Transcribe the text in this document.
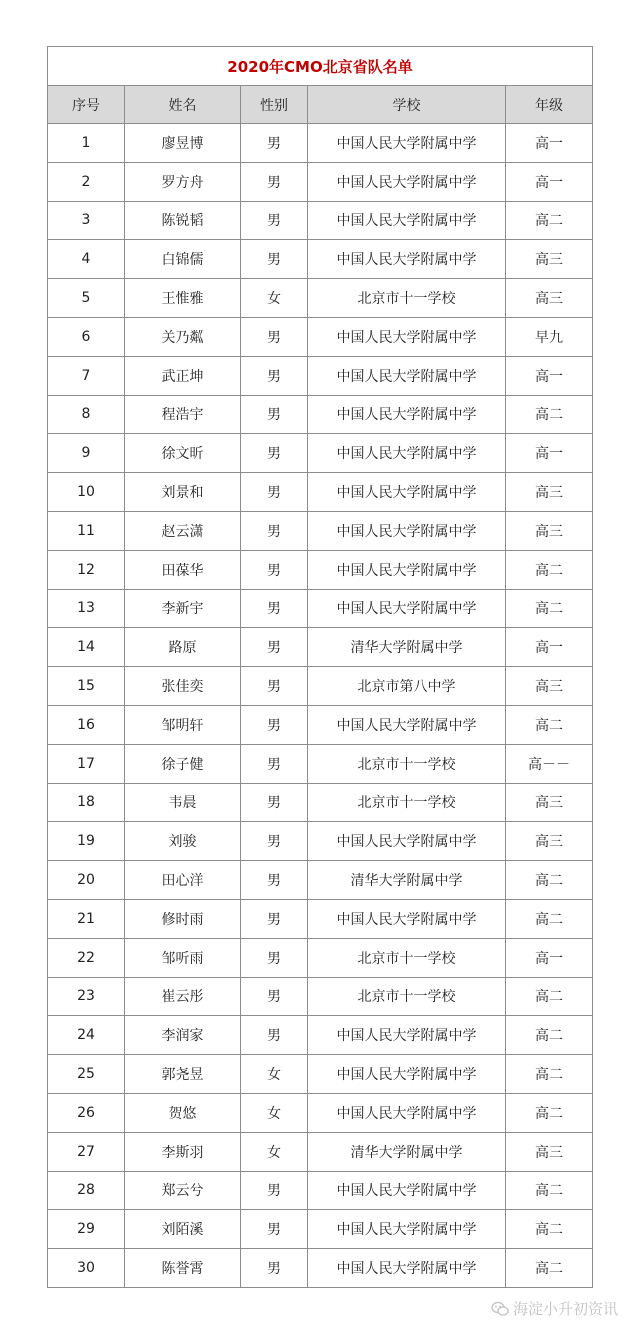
2020年CMO北京省队名单				
序号	姓名	性别	学校	年级
1	廖昱博	男	中国人民大学附属中学	高一
2	罗方舟	男	中国人民大学附属中学	高一
3	陈锐韬	男	中国人民大学附属中学	高二
4	白锦儒	男	中国人民大学附属中学	高三
5	王惟雅	女	北京市十一学校	高三
6	关乃粼	男	中国人民大学附属中学	早九
7	武正坤	男	中国人民大学附属中学	高一
8	程浩宇	男	中国人民大学附属中学	高二
9	徐文昕	男	中国人民大学附属中学	高一
10	刘景和	男	中国人民大学附属中学	高三
11	赵云潇	男	中国人民大学附属中学	高三
12	田葆华	男	中国人民大学附属中学	高二
13	李新宇	男	中国人民大学附属中学	高二
14	路原	男	清华大学附属中学	高一
15	张佳奕	男	北京市第八中学	高三
16	邹明轩	男	中国人民大学附属中学	高二
17	徐子健	男	北京市十一学校	高－－
18	韦晨	男	北京市十一学校	高三
19	刘骏	男	中国人民大学附属中学	高三
20	田心洋	男	清华大学附属中学	高二
21	修时雨	男	中国人民大学附属中学	高二
22	邹听雨	男	北京市十一学校	高一
23	崔云彤	男	北京市十一学校	高二
24	李润家	男	中国人民大学附属中学	高二
25	郭尧昱	女	中国人民大学附属中学	高二
26	贺悠	女	中国人民大学附属中学	高二
27	李斯羽	女	清华大学附属中学	高三
28	郑云兮	男	中国人民大学附属中学	高二
29	刘陌溪	男	中国人民大学附属中学	高二
30	陈誉霄	男	中国人民大学附属中学	高二
海淀小升初资讯
